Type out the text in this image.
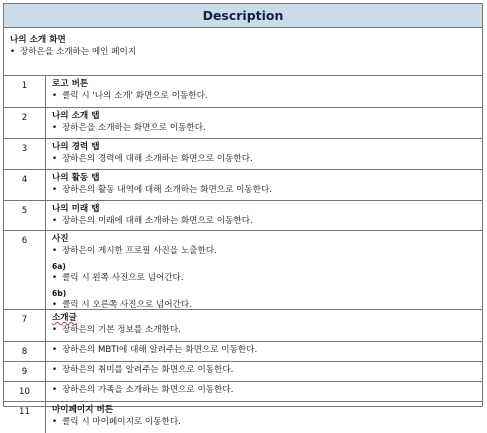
Description
나의 소개 화면
• 장하은을 소개하는 메인 페이지
1	로고 버튼
• 클릭 시 '나의 소개' 화면으로 이동한다.
2	나의 소개 탭
• 장하은을 소개하는 화면으로 이동한다.
3	나의 경력 탭
• 장하은의 경력에 대해 소개하는 화면으로 이동한다.
4	나의 활동 탭
• 장하은의 활동 내역에 대해 소개하는 화면으로 이동한다.
5	나의 미래 탭
• 장하은의 미래에 대해 소개하는 화면으로 이동한다.
6	사진
• 장하은이 게시한 프로필 사진을 노출한다.
6a)
• 클릭 시 왼쪽 사진으로 넘어간다.
6b)
• 클릭 시 오른쪽 사진으로 넘어간다.
7	소개글
• 장하은의 기본 정보를 소개한다.
8	• 장하은의 MBTI에 대해 알려주는 화면으로 이동한다.
9	• 장하은의 취미를 알려주는 화면으로 이동한다.
10	• 장하은의 가족을 소개하는 화면으로 이동한다.
11	마이페이지 버튼
• 클릭 시 마이페이지로 이동한다.
